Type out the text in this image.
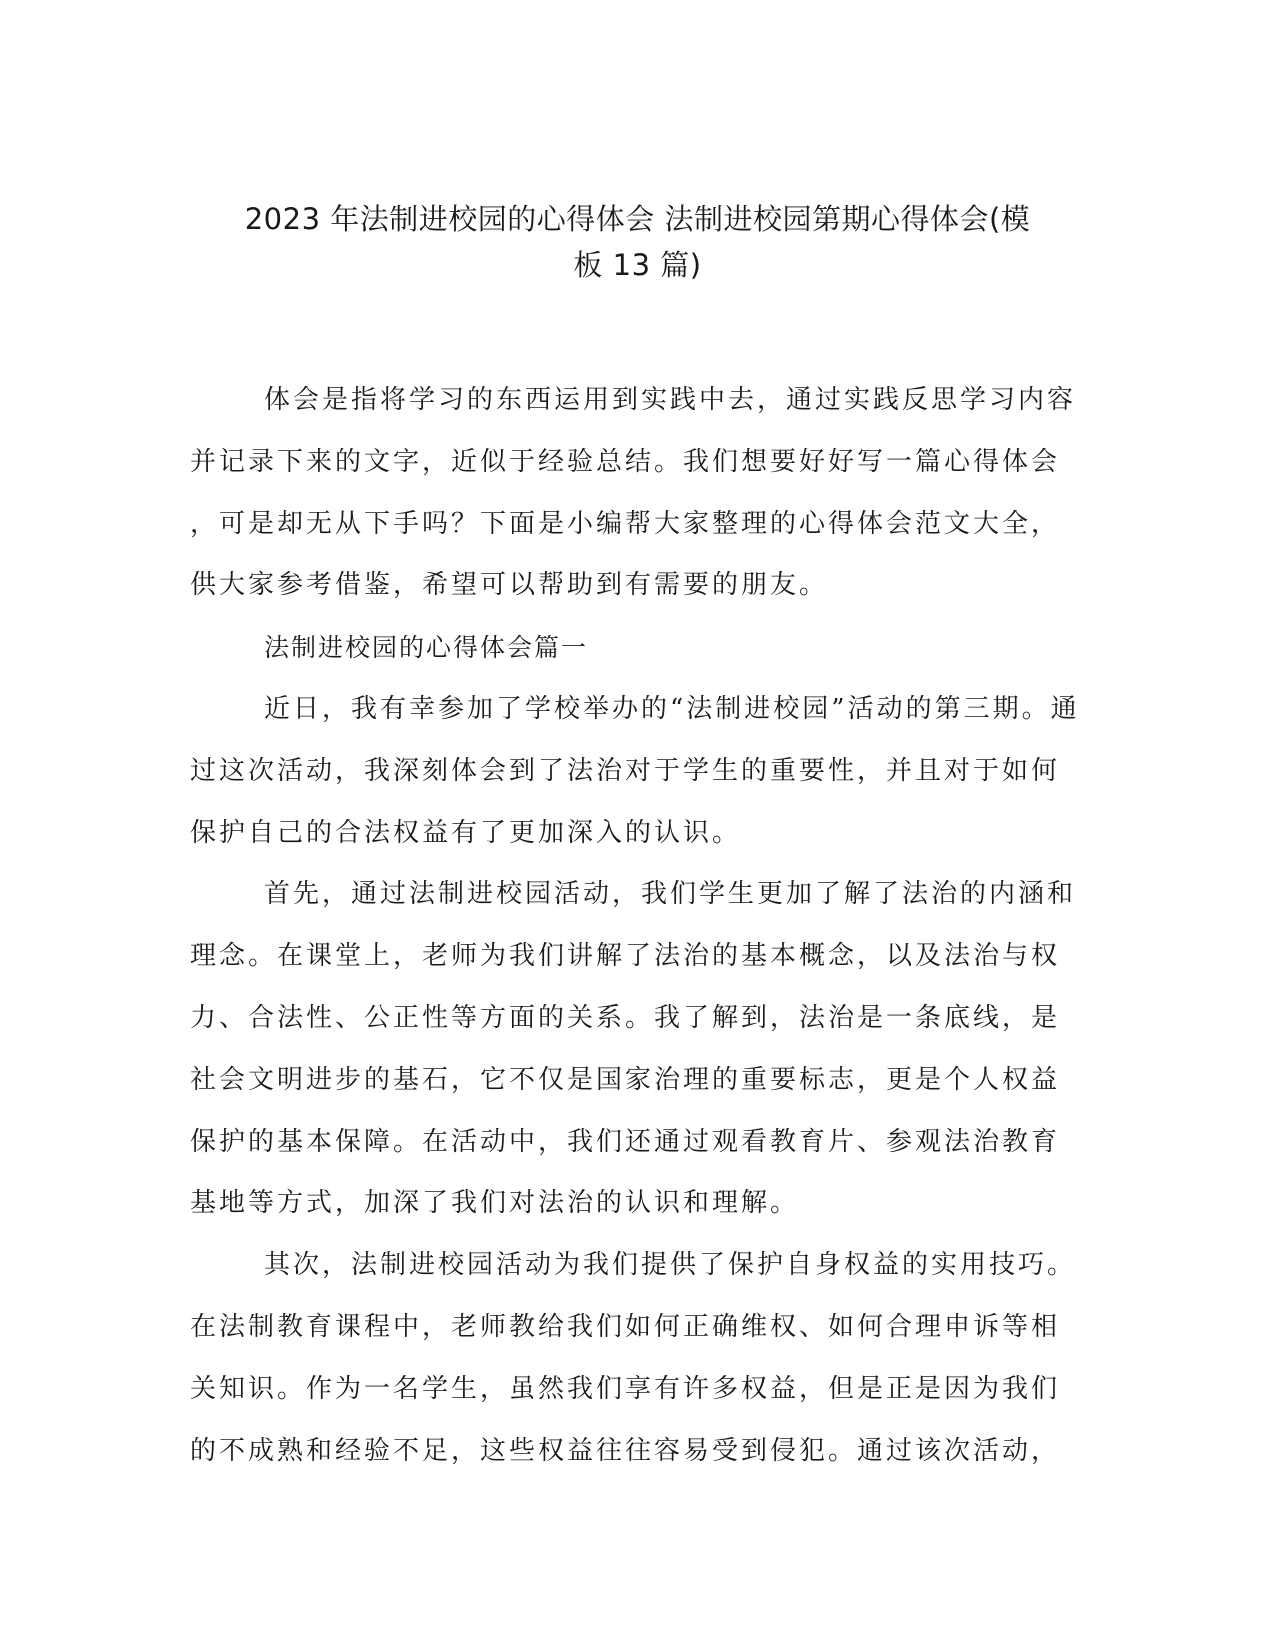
2023 年法制进校园的心得体会 法制进校园第期心得体会(模
板 13 篇)
体会是指将学习的东西运用到实践中去，通过实践反思学习内容
并记录下来的文字，近似于经验总结。我们想要好好写一篇心得体会
，可是却无从下手吗？下面是小编帮大家整理的心得体会范文大全，
供大家参考借鉴，希望可以帮助到有需要的朋友。
法制进校园的心得体会篇一
近日，我有幸参加了学校举办的“法制进校园”活动的第三期。通
过这次活动，我深刻体会到了法治对于学生的重要性，并且对于如何
保护自己的合法权益有了更加深入的认识。
首先，通过法制进校园活动，我们学生更加了解了法治的内涵和
理念。在课堂上，老师为我们讲解了法治的基本概念，以及法治与权
力、合法性、公正性等方面的关系。我了解到，法治是一条底线，是
社会文明进步的基石，它不仅是国家治理的重要标志，更是个人权益
保护的基本保障。在活动中，我们还通过观看教育片、参观法治教育
基地等方式，加深了我们对法治的认识和理解。
其次，法制进校园活动为我们提供了保护自身权益的实用技巧。
在法制教育课程中，老师教给我们如何正确维权、如何合理申诉等相
关知识。作为一名学生，虽然我们享有许多权益，但是正是因为我们
的不成熟和经验不足，这些权益往往容易受到侵犯。通过该次活动，
